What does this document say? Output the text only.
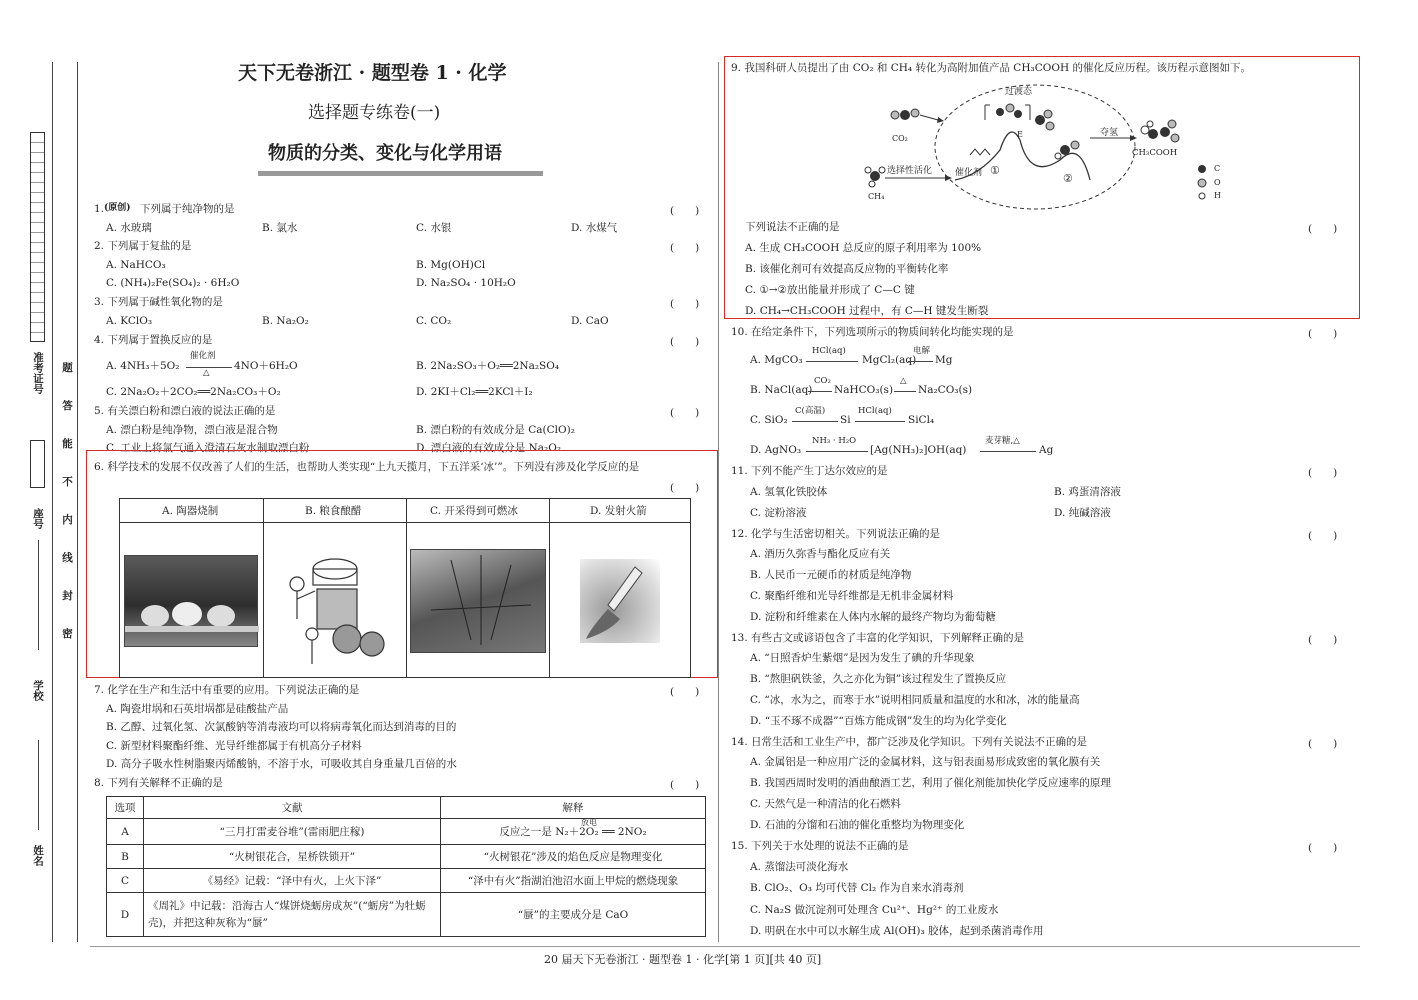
准考证号
座号
学校
姓名
题
答
能
不
内
线
封
密
天下无卷浙江 · 题型卷 1 · 化学
选择题专练卷(一)
物质的分类、变化与化学用语
1. (原创) 下列属于纯净物的是	(　　)
A. 水玻璃	B. 氯水	C. 水银	D. 水煤气
2. 下列属于复盐的是	(　　)
A. NaHCO₃	B. Mg(OH)Cl
C. (NH₄)₂Fe(SO₄)₂ · 6H₂O	D. Na₂SO₄ · 10H₂O
3. 下列属于碱性氧化物的是	(　　)
A. KClO₃	B. Na₂O₂	C. CO₂	D. CaO
4. 下列属于置换反应的是	(　　)
A. 4NH₃＋5O₂
催化剂
△
4NO＋6H₂O	B. 2Na₂SO₃＋O₂══2Na₂SO₄
C. 2Na₂O₂＋2CO₂══2Na₂CO₃＋O₂	D. 2KI＋Cl₂══2KCl＋I₂
5. 有关漂白粉和漂白液的说法正确的是	(　　)
A. 漂白粉是纯净物，漂白液是混合物	B. 漂白粉的有效成分是 Ca(ClO)₂
C. 工业上将氯气通入澄清石灰水制取漂白粉	D. 漂白液的有效成分是 Na₂O₂
6. 科学技术的发展不仅改善了人们的生活，也帮助人类实现“上九天揽月，下五洋采‘冰’”。下列没有涉及化学反应的是
(　　)
A. 陶器烧制	B. 粮食酿醋	C. 开采得到可燃冰	D. 发射火箭
7. 化学在生产和生活中有重要的应用。下列说法正确的是	(　　)
A. 陶瓷坩埚和石英坩埚都是硅酸盐产品
B. 乙醇、过氧化氢、次氯酸钠等消毒液均可以将病毒氧化而达到消毒的目的
C. 新型材料聚酯纤维、光导纤维都属于有机高分子材料
D. 高分子吸水性树脂聚丙烯酸钠，不溶于水，可吸收其自身重量几百倍的水
8. 下列有关解释不正确的是	(　　)
选项	文献	解释
A	“三月打雷麦谷堆”(雷雨肥庄稼)	放电
反应之一是 N₂＋2O₂ ══ 2NO₂
B	“火树银花合，星桥铁锁开”	“火树银花”涉及的焰色反应是物理变化
C	《易经》记载：“泽中有火，上火下泽”	“泽中有火”指湖泊池沼水面上甲烷的燃烧现象
D	《周礼》中记载：沿海古人“煤饼烧蛎房成灰”(“蛎房”为牡蛎壳)，并把这种灰称为“蜃”	“蜃”的主要成分是 CaO
9. 我国科研人员提出了由 CO₂ 和 CH₄ 转化为高附加值产品 CH₃COOH 的催化反应历程。该历程示意图如下。
CO₂
CH₄
选择性活化
过渡态
催化剂
E
①
②
夺氢
CH₃COOH
C
O
H
下列说法不正确的是	(　　)
A. 生成 CH₃COOH 总反应的原子利用率为 100%
B. 该催化剂可有效提高反应物的平衡转化率
C. ①→②放出能量并形成了 C—C 键
D. CH₄→CH₃COOH 过程中，有 C—H 键发生断裂
10. 在给定条件下，下列选项所示的物质间转化均能实现的是	(　　)
A. MgCO₃
HCl(aq)
MgCl₂(aq)
电解
Mg
B. NaCl(aq)
CO₂
NaHCO₃(s)
△
Na₂CO₃(s)
C. SiO₂
C(高温)
Si
HCl(aq)
SiCl₄
D. AgNO₃
NH₃ · H₂O
[Ag(NH₃)₂]OH(aq)
麦芽糖,△
Ag
11. 下列不能产生丁达尔效应的是	(　　)
A. 氢氧化铁胶体	B. 鸡蛋清溶液
C. 淀粉溶液	D. 纯碱溶液
12. 化学与生活密切相关。下列说法正确的是	(　　)
A. 酒历久弥香与酯化反应有关
B. 人民币一元硬币的材质是纯净物
C. 聚酯纤维和光导纤维都是无机非金属材料
D. 淀粉和纤维素在人体内水解的最终产物均为葡萄糖
13. 有些古文或谚语包含了丰富的化学知识，下列解释正确的是	(　　)
A. “日照香炉生紫烟”是因为发生了碘的升华现象
B. “熬胆矾铁釜，久之亦化为铜”该过程发生了置换反应
C. “冰，水为之，而寒于水”说明相同质量和温度的水和冰，冰的能量高
D. “玉不琢不成器”“百炼方能成钢”发生的均为化学变化
14. 日常生活和工业生产中，都广泛涉及化学知识。下列有关说法不正确的是	(　　)
A. 金属铝是一种应用广泛的金属材料，这与铝表面易形成致密的氧化膜有关
B. 我国西周时发明的酒曲酿酒工艺，利用了催化剂能加快化学反应速率的原理
C. 天然气是一种清洁的化石燃料
D. 石油的分馏和石油的催化重整均为物理变化
15. 下列关于水处理的说法不正确的是	(　　)
A. 蒸馏法可淡化海水
B. ClO₂、O₃ 均可代替 Cl₂ 作为自来水消毒剂
C. Na₂S 做沉淀剂可处理含 Cu²⁺、Hg²⁺ 的工业废水
D. 明矾在水中可以水解生成 Al(OH)₃ 胶体，起到杀菌消毒作用
20 届天下无卷浙江 · 题型卷 1 · 化学[第 1 页][共 40 页]
